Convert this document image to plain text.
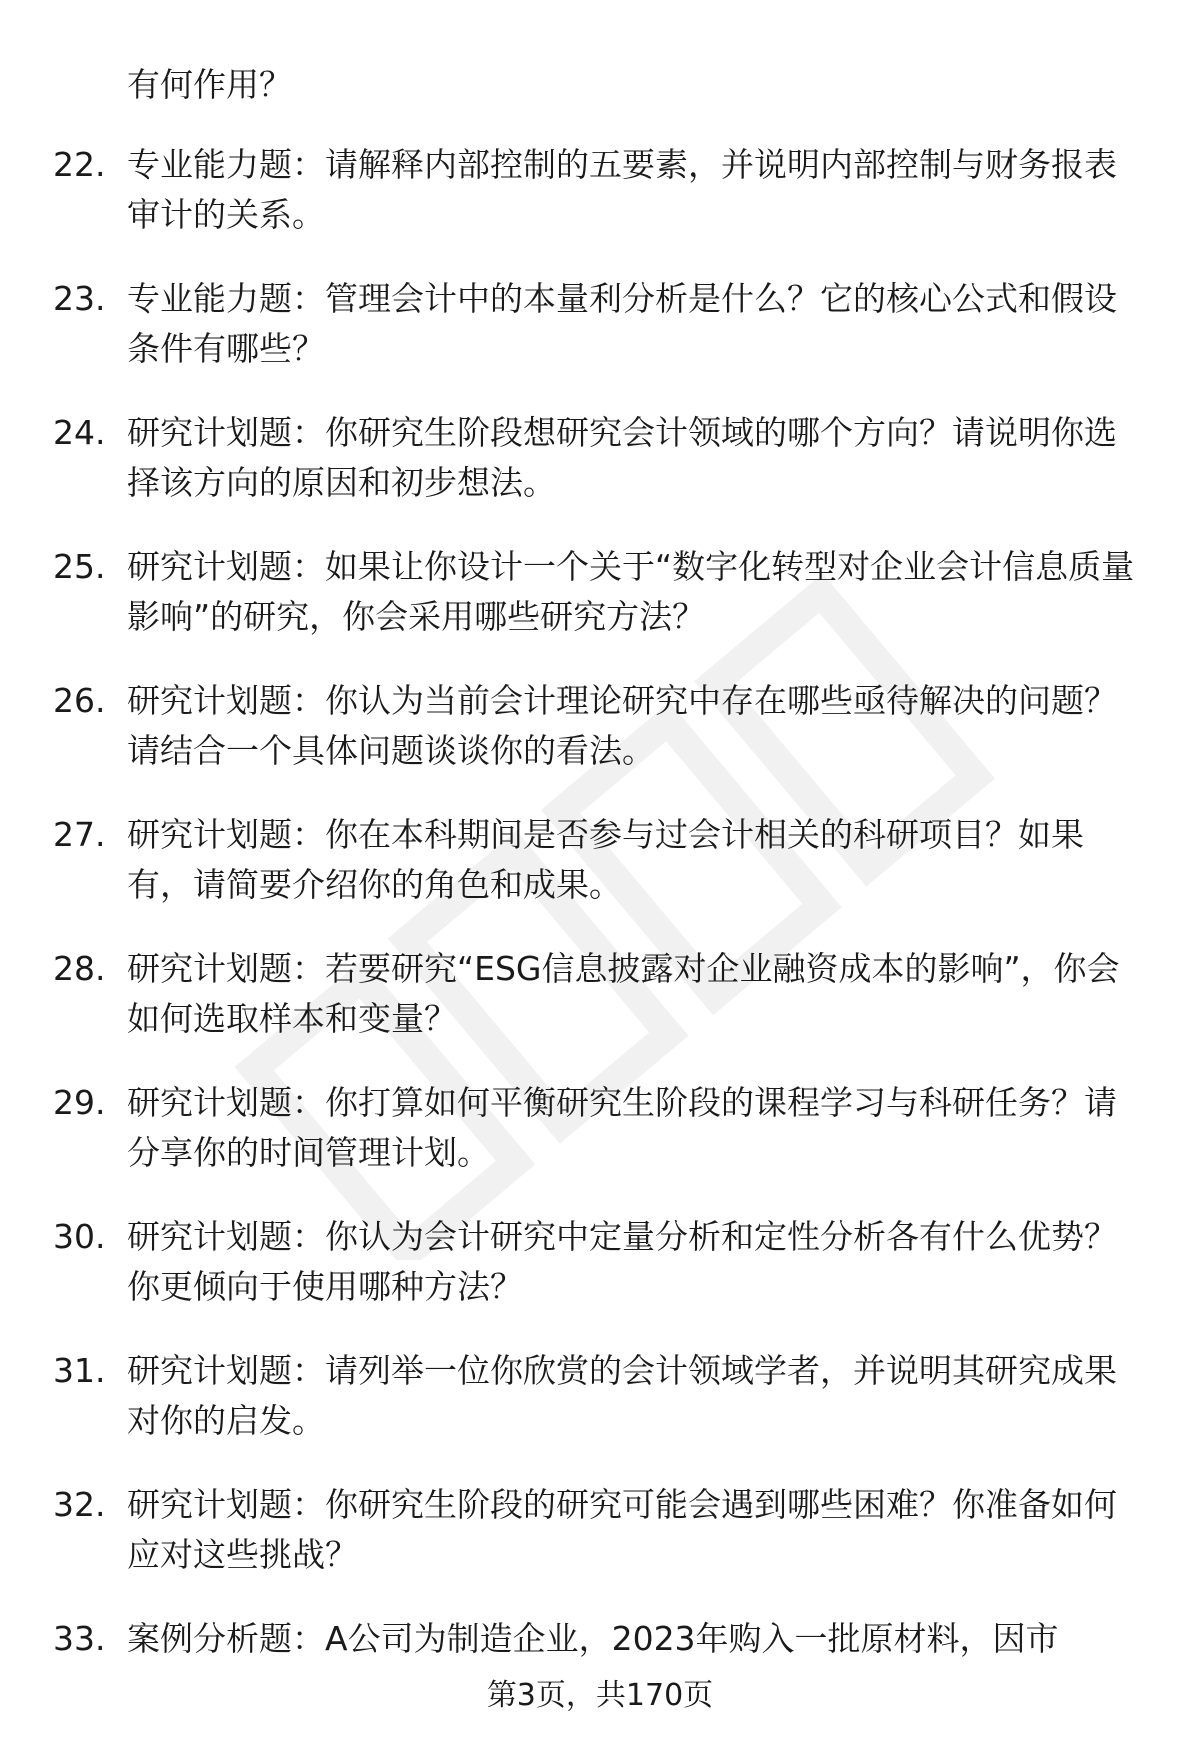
有何作用？

22. 专业能力题：请解释内部控制的五要素，并说明内部控制与财务报表审计的关系。

23. 专业能力题：管理会计中的本量利分析是什么？它的核心公式和假设条件有哪些？

24. 研究计划题：你研究生阶段想研究会计领域的哪个方向？请说明你选择该方向的原因和初步想法。

25. 研究计划题：如果让你设计一个关于“数字化转型对企业会计信息质量影响”的研究，你会采用哪些研究方法？

26. 研究计划题：你认为当前会计理论研究中存在哪些亟待解决的问题？请结合一个具体问题谈谈你的看法。

27. 研究计划题：你在本科期间是否参与过会计相关的科研项目？如果有，请简要介绍你的角色和成果。

28. 研究计划题：若要研究“ESG信息披露对企业融资成本的影响”，你会如何选取样本和变量？

29. 研究计划题：你打算如何平衡研究生阶段的课程学习与科研任务？请分享你的时间管理计划。

30. 研究计划题：你认为会计研究中定量分析和定性分析各有什么优势？你更倾向于使用哪种方法？

31. 研究计划题：请列举一位你欣赏的会计领域学者，并说明其研究成果对你的启发。

32. 研究计划题：你研究生阶段的研究可能会遇到哪些困难？你准备如何应对这些挑战？

33. 案例分析题：A公司为制造企业，2023年购入一批原材料，因市

第3页，共170页
